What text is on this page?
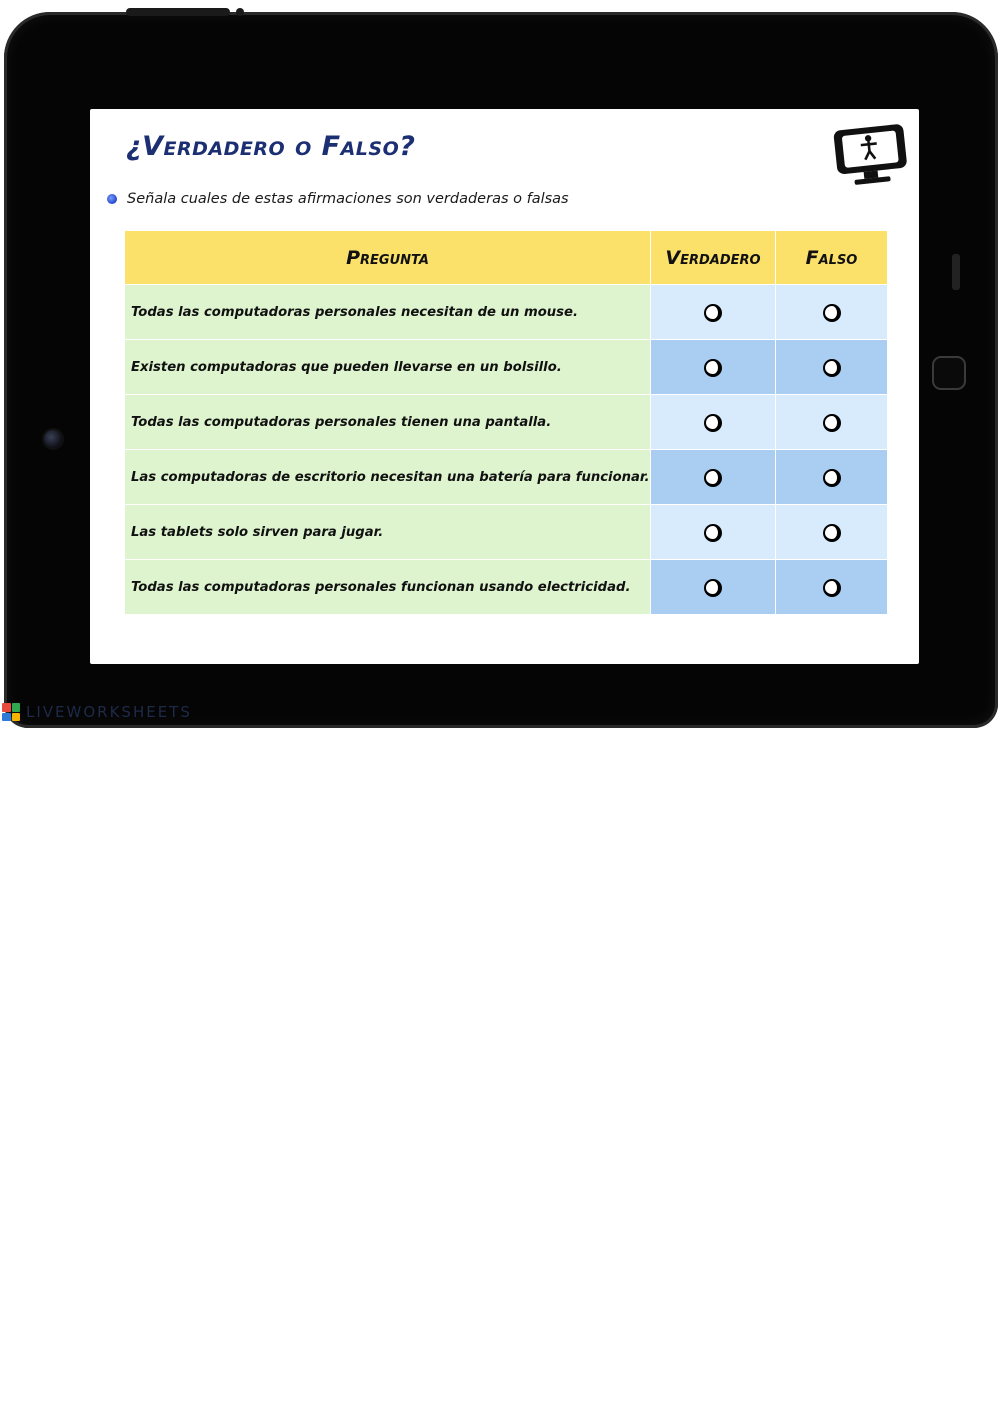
¿Verdadero o Falso?
Señala cuales de estas afirmaciones son verdaderas o falsas
Pregunta	Verdadero	Falso
Todas las computadoras personales necesitan de un mouse.		
Existen computadoras que pueden llevarse en un bolsillo.		
Todas las computadoras personales tienen una pantalla.		
Las computadoras de escritorio necesitan una batería para funcionar.		
Las tablets solo sirven para jugar.		
Todas las computadoras personales funcionan usando electricidad.		
LIVEWORKSHEETS
